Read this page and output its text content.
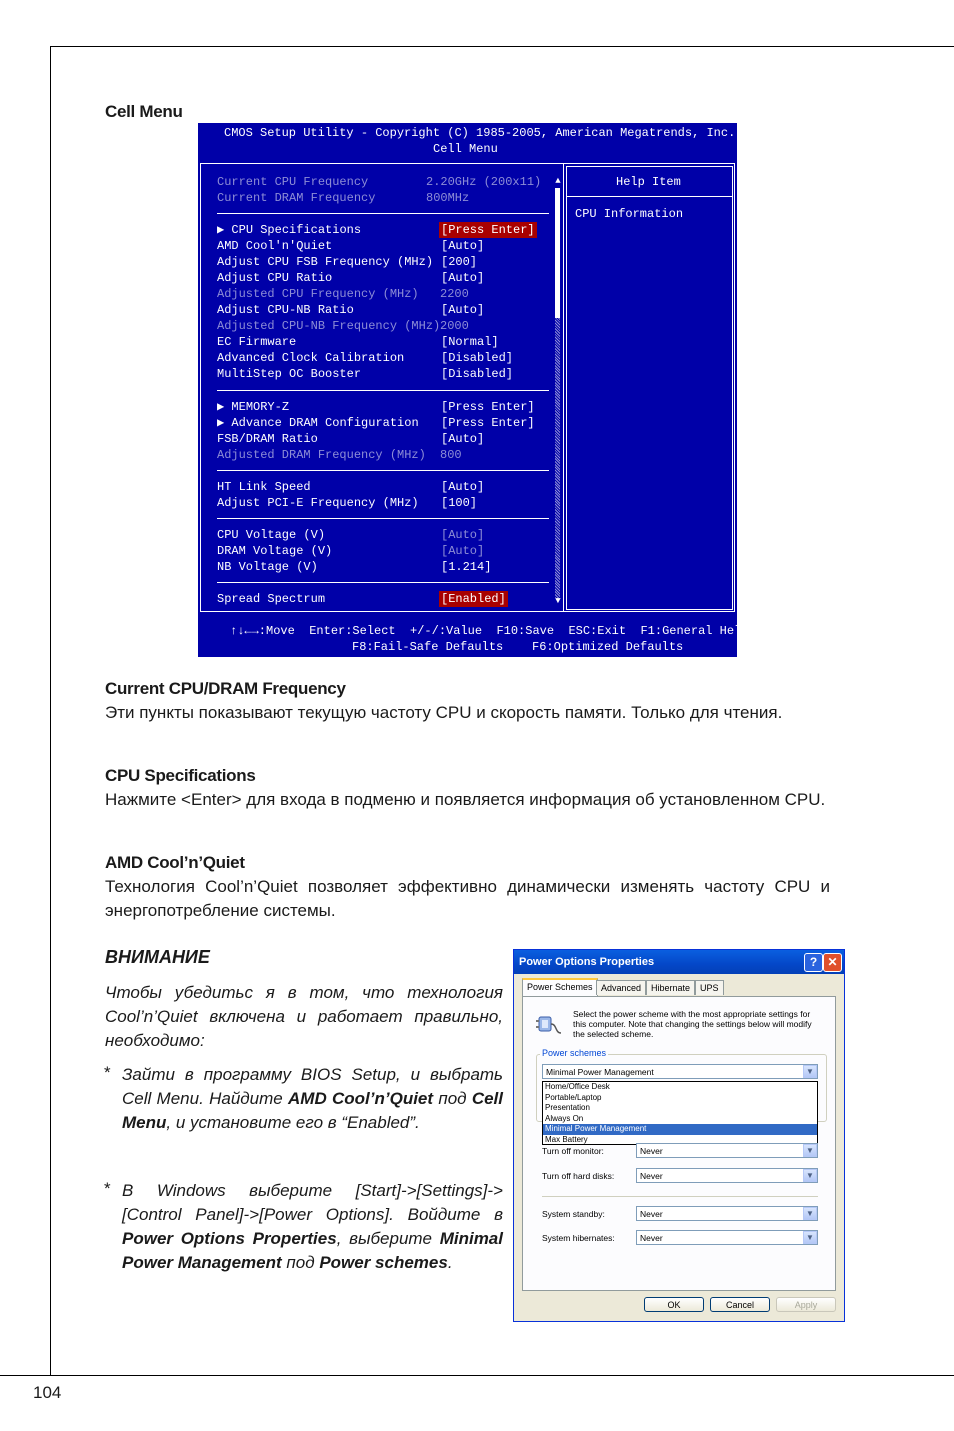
Cell Menu
CMOS Setup Utility - Copyright (C) 1985-2005, American Megatrends, Inc.
Cell Menu
Help Item
CPU Information
Current CPU Frequency	2.20GHz (200x11)
Current DRAM Frequency	800MHz
▶ CPU Specifications	[Press Enter]
AMD Cool'n'Quiet	[Auto]
Adjust CPU FSB Frequency (MHz) [200]
Adjust CPU Ratio	[Auto]
Adjusted CPU Frequency (MHz) 2200
Adjust CPU-NB Ratio	[Auto]
Adjusted CPU-NB Frequency (MHz) 2000
EC Firmware	[Normal]
Advanced Clock Calibration	[Disabled]
MultiStep OC Booster	[Disabled]
▶ MEMORY-Z	[Press Enter]
▶ Advance DRAM Configuration [Press Enter]
FSB/DRAM Ratio	[Auto]
Adjusted DRAM Frequency (MHz) 800
HT Link Speed	[Auto]
Adjust PCI-E Frequency (MHz) [100]
CPU Voltage (V)	[Auto]
DRAM Voltage (V)	[Auto]
NB Voltage (V)	[1.214]
Spread Spectrum	[Enabled]
▲
▼
↑↓←→:Move  Enter:Select  +/-/:Value  F10:Save  ESC:Exit  F1:General Help
F8:Fail-Safe Defaults    F6:Optimized Defaults
Current CPU/DRAM Frequency
Эти пункты показывают текущую частоту CPU и скорость памяти. Только для чтения.
CPU Specifications
Нажмите <Enter> для входа в подменю и появляется информация об установленном CPU.
AMD Cool’n’Quiet
Технология Cool’n’Quiet позволяет эффективно динамически изменять частоту CPU и энергопотребление системы.
ВНИМАНИЕ
Чтобы убедитьс я в том, что технология Cool’n’Quiet включена и работает правильно, необходимо:
* Зайти в программу BIOS Setup, и выбрать Cell Menu. Найдите AMD Cool’n’Quiet под Cell Menu, и установите его в “Enabled”.
* В Windows выберите [Start]->[Settings]->[Control Panel]->[Power Options]. Войдите в Power Options Properties, выберите Minimal Power Management под Power schemes.
Power Options Properties	? ✕
Power Schemes Advanced	Hibernate	UPS
Select the power scheme with the most appropriate settings for this computer. Note that changing the settings below will modify the selected scheme.
Power schemes
Minimal Power Management	▼
Home/Office Desk
Portable/Laptop
Presentation
Always On
Minimal Power Management
Max Battery
Turn off monitor:	Never	▼
Turn off hard disks:	Never	▼
System standby:	Never	▼
System hibernates:	Never	▼
OK	Cancel	Apply
104
